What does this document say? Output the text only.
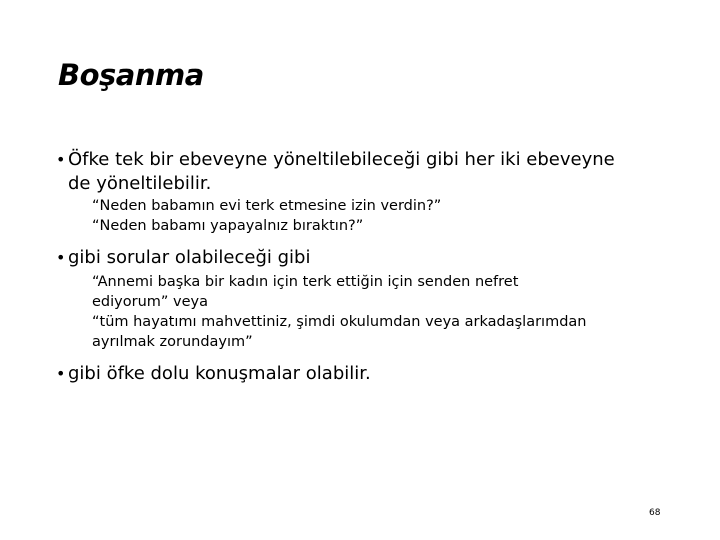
Boşanma
• Öfke tek bir ebeveyne yöneltilebileceği gibi her iki ebeveyne
de yöneltilebilir.
“Neden babamın evi terk etmesine izin verdin?”
“Neden babamı yapayalnız bıraktın?”
• gibi sorular olabileceği gibi
“Annemi başka bir kadın için terk ettiğin için senden nefret
ediyorum” veya
“tüm hayatımı mahvettiniz, şimdi okulumdan veya arkadaşlarımdan
ayrılmak zorundayım”
• gibi öfke dolu konuşmalar olabilir.
68
